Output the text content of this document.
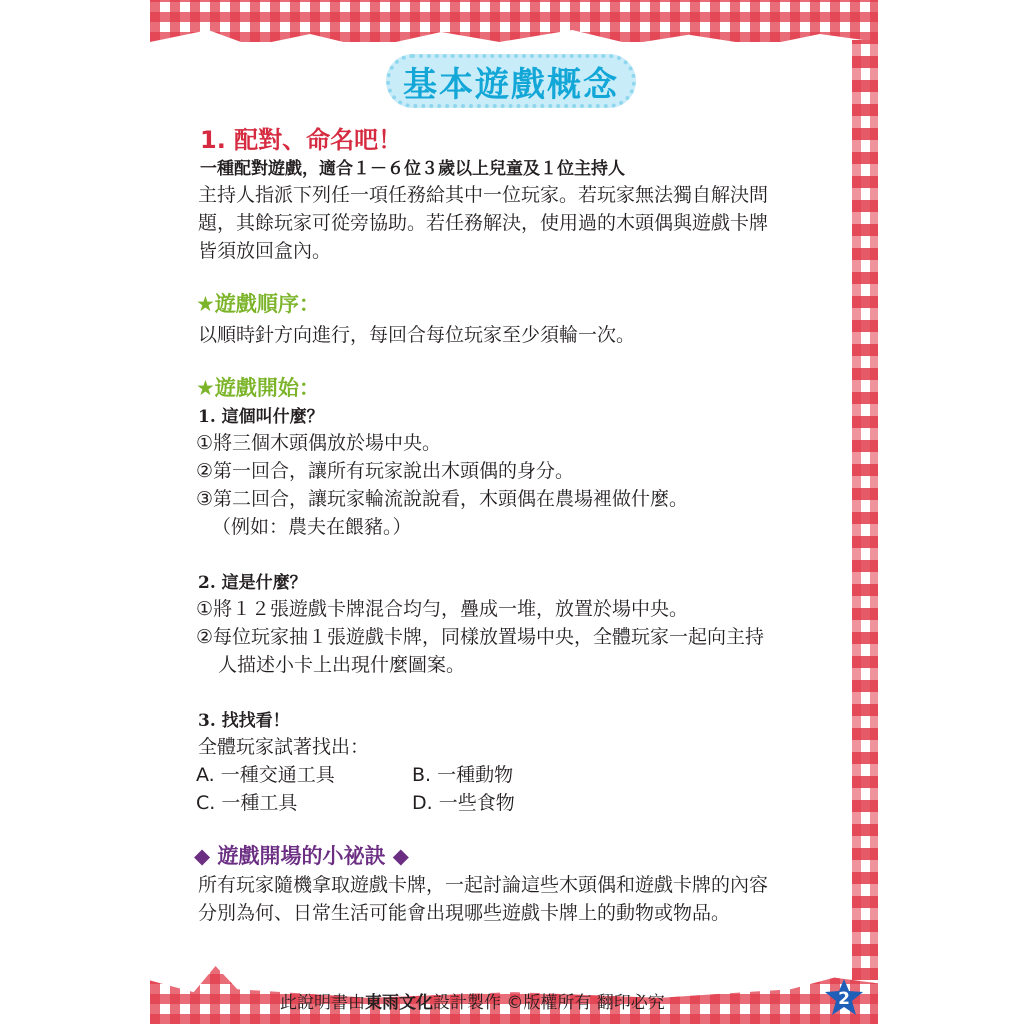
基本遊戲概念
1. 配對、命名吧！
一種配對遊戲，適合１－６位３歲以上兒童及１位主持人
主持人指派下列任一項任務給其中一位玩家。若玩家無法獨自解決問
題，其餘玩家可從旁協助。若任務解決，使用過的木頭偶與遊戲卡牌
皆須放回盒內。
★遊戲順序：
以順時針方向進行，每回合每位玩家至少須輪一次。
★遊戲開始：
1. 這個叫什麼？
①將三個木頭偶放於場中央。
②第一回合，讓所有玩家說出木頭偶的身分。
③第二回合，讓玩家輪流說說看，木頭偶在農場裡做什麼。
（例如：農夫在餵豬。）
2. 這是什麼？
①將１２張遊戲卡牌混合均勻，疊成一堆，放置於場中央。
②每位玩家抽１張遊戲卡牌，同樣放置場中央，全體玩家一起向主持
人描述小卡上出現什麼圖案。
3. 找找看！
全體玩家試著找出：
A. 一種交通工具	B. 一種動物
C. 一種工具	D. 一些食物
◆ 遊戲開場的小祕訣 ◆
所有玩家隨機拿取遊戲卡牌，一起討論這些木頭偶和遊戲卡牌的內容
分別為何、日常生活可能會出現哪些遊戲卡牌上的動物或物品。
此說明書由東雨文化設計製作 ©版權所有 翻印必究	2
